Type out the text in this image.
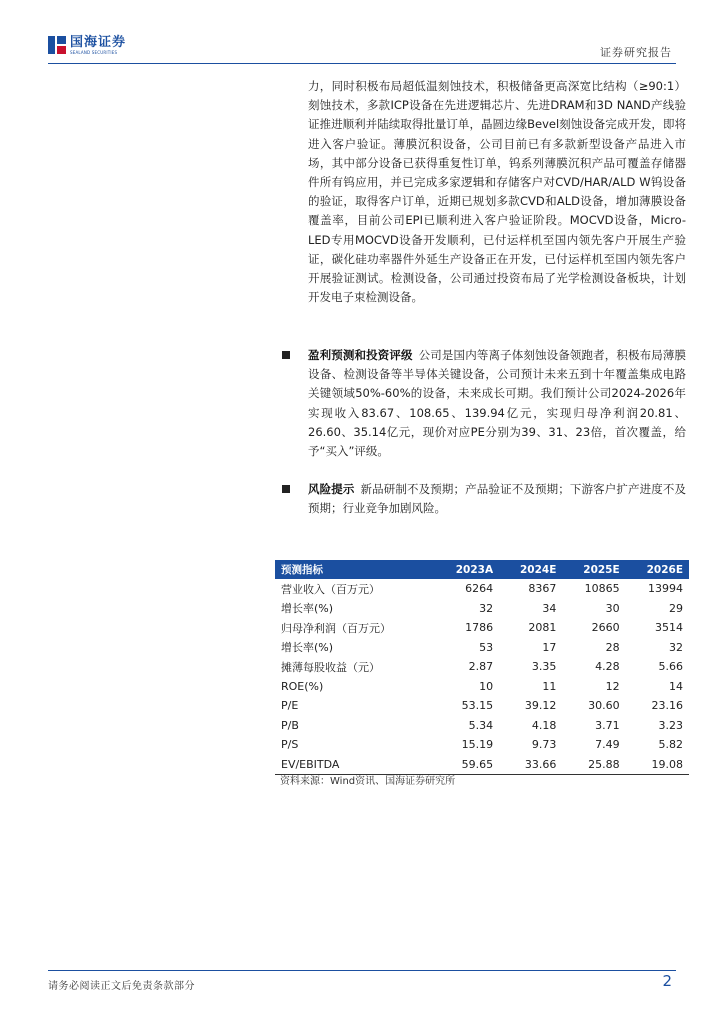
国海证券
SEALAND SECURITIES	证券研究报告
力，同时积极布局超低温刻蚀技术，积极储备更高深宽比结构（≥90:1）刻蚀技术，多款ICP设备在先进逻辑芯片、先进DRAM和3D NAND产线验证推进顺利并陆续取得批量订单，晶圆边缘Bevel刻蚀设备完成开发，即将进入客户验证。薄膜沉积设备，公司目前已有多款新型设备产品进入市场，其中部分设备已获得重复性订单，钨系列薄膜沉积产品可覆盖存储器件所有钨应用，并已完成多家逻辑和存储客户对CVD/HAR/ALD W钨设备的验证，取得客户订单，近期已规划多款CVD和ALD设备，增加薄膜设备覆盖率，目前公司EPI已顺利进入客户验证阶段。MOCVD设备，Micro-LED专用MOCVD设备开发顺利，已付运样机至国内领先客户开展生产验证，碳化硅功率器件外延生产设备正在开发，已付运样机至国内领先客户开展验证测试。检测设备，公司通过投资布局了光学检测设备板块，计划开发电子束检测设备。
盈利预测和投资评级 公司是国内等离子体刻蚀设备领跑者，积极布局薄膜设备、检测设备等半导体关键设备，公司预计未来五到十年覆盖集成电路关键领域50%-60%的设备，未来成长可期。我们预计公司2024-2026年实现收入83.67、108.65、139.94亿元，实现归母净利润20.81、26.60、35.14亿元，现价对应PE分别为39、31、23倍，首次覆盖，给予“买入”评级。
风险提示 新品研制不及预期；产品验证不及预期；下游客户扩产进度不及预期；行业竞争加剧风险。
预测指标	2023A	2024E	2025E	2026E
营业收入（百万元）	6264	8367	10865	13994
增长率(%)	32	34	30	29
归母净利润（百万元）	1786	2081	2660	3514
增长率(%)	53	17	28	32
摊薄每股收益（元）	2.87	3.35	4.28	5.66
ROE(%)	10	11	12	14
P/E	53.15	39.12	30.60	23.16
P/B	5.34	4.18	3.71	3.23
P/S	15.19	9.73	7.49	5.82
EV/EBITDA	59.65	33.66	25.88	19.08
资料来源：Wind资讯、国海证券研究所
请务必阅读正文后免责条款部分	2
